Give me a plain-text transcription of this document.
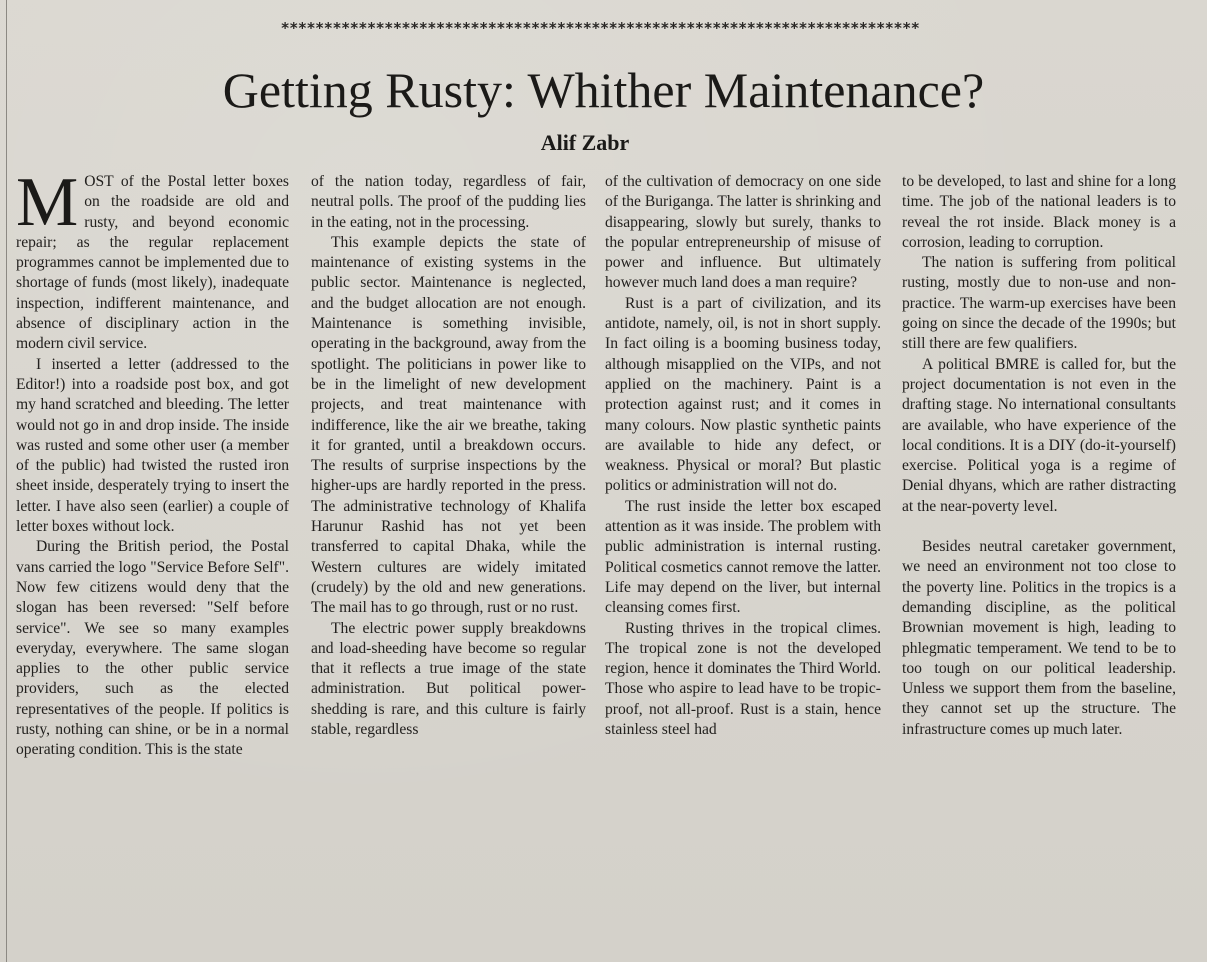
**************************************************************************
Getting Rusty: Whither Maintenance?
Alif Zabr
M OST of the Postal letter boxes on the roadside are old and rusty, and beyond economic repair; as the regular replacement programmes cannot be implemented due to shortage of funds (most likely), inadequate inspection, indifferent maintenance, and absence of disciplinary action in the modern civil service.

I inserted a letter (addressed to the Editor!) into a roadside post box, and got my hand scratched and bleeding. The letter would not go in and drop inside. The inside was rusted and some other user (a member of the public) had twisted the rusted iron sheet inside, desperately trying to insert the letter. I have also seen (earlier) a couple of letter boxes without lock.

During the British period, the Postal vans carried the logo "Service Before Self". Now few citizens would deny that the slogan has been reversed: "Self before service". We see so many examples everyday, everywhere. The same slogan applies to the other public service providers, such as the elected representatives of the people. If politics is rusty, nothing can shine, or be in a normal operating condition. This is the state

of the nation today, regardless of fair, neutral polls. The proof of the pudding lies in the eating, not in the processing.

This example depicts the state of maintenance of existing systems in the public sector. Maintenance is neglected, and the budget allocation are not enough. Maintenance is something invisible, operating in the background, away from the spotlight. The politicians in power like to be in the limelight of new development projects, and treat maintenance with indifference, like the air we breathe, taking it for granted, until a breakdown occurs. The results of surprise inspections by the higher-ups are hardly reported in the press. The administrative technology of Khalifa Harunur Rashid has not yet been transferred to capital Dhaka, while the Western cultures are widely imitated (crudely) by the old and new generations. The mail has to go through, rust or no rust.

The electric power supply breakdowns and load-sheeding have become so regular that it reflects a true image of the state administration. But political power-shedding is rare, and this culture is fairly stable, regardless

of the cultivation of democracy on one side of the Buriganga. The latter is shrinking and disappearing, slowly but surely, thanks to the popular entrepreneurship of misuse of power and influence. But ultimately however much land does a man require?

Rust is a part of civilization, and its antidote, namely, oil, is not in short supply. In fact oiling is a booming business today, although misapplied on the VIPs, and not applied on the machinery. Paint is a protection against rust; and it comes in many colours. Now plastic synthetic paints are available to hide any defect, or weakness. Physical or moral? But plastic politics or administration will not do.

The rust inside the letter box escaped attention as it was inside. The problem with public administration is internal rusting. Political cosmetics cannot remove the latter. Life may depend on the liver, but internal cleansing comes first.

Rusting thrives in the tropical climes. The tropical zone is not the developed region, hence it dominates the Third World. Those who aspire to lead have to be tropic-proof, not all-proof. Rust is a stain, hence stainless steel had

to be developed, to last and shine for a long time. The job of the national leaders is to reveal the rot inside. Black money is a corrosion, leading to corruption.

The nation is suffering from political rusting, mostly due to non-use and non-practice. The warm-up exercises have been going on since the decade of the 1990s; but still there are few qualifiers.

A political BMRE is called for, but the project documentation is not even in the drafting stage. No international consultants are available, who have experience of the local conditions. It is a DIY (do-it-yourself) exercise. Political yoga is a regime of Denial dhyans, which are rather distracting at the near-poverty level.

Besides neutral caretaker government, we need an environment not too close to the poverty line. Politics in the tropics is a demanding discipline, as the political Brownian movement is high, leading to phlegmatic temperament. We tend to be to too tough on our political leadership. Unless we support them from the baseline, they cannot set up the structure. The infrastructure comes up much later.
